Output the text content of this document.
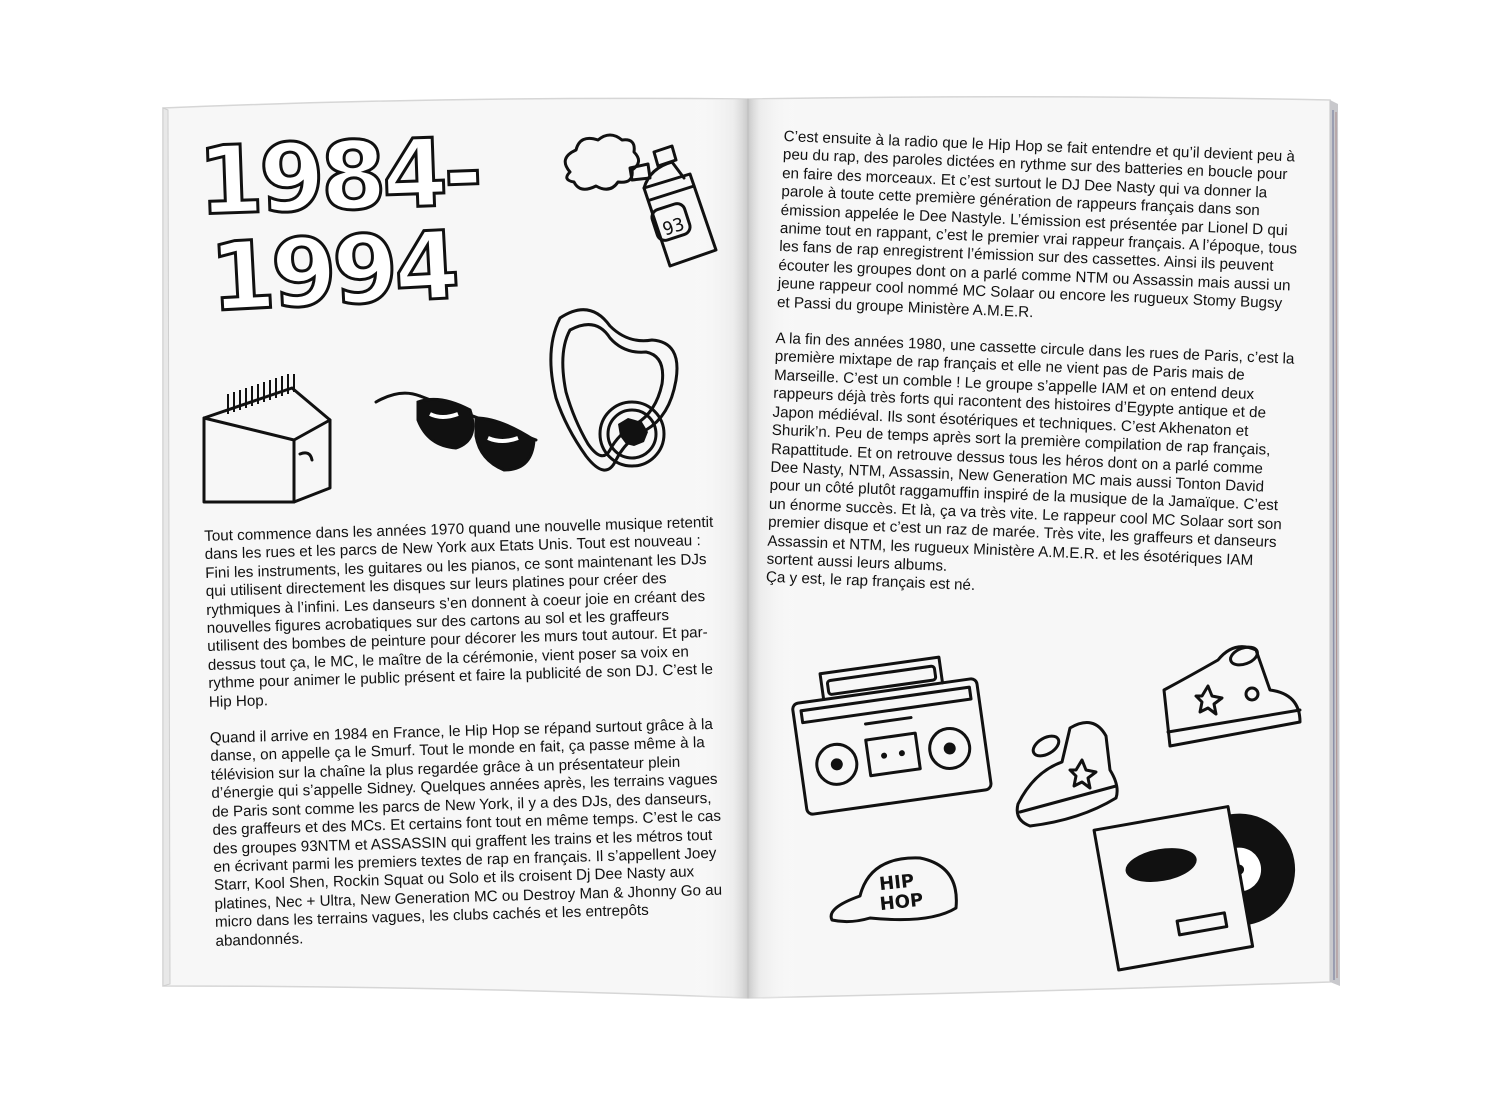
1984-
1994	93

Tout commence dans les années 1970 quand une nouvelle musique retentit dans les rues et les parcs de New York aux Etats Unis. Tout est nouveau : Fini les instruments, les guitares ou les pianos, ce sont maintenant les DJs qui utilisent directement les disques sur leurs platines pour créer des rythmiques à l’infini. Les danseurs s’en donnent à coeur joie en créant des nouvelles figures acrobatiques sur des cartons au sol et les graffeurs utilisent des bombes de peinture pour décorer les murs tout autour. Et par-dessus tout ça, le MC, le maître de la cérémonie, vient poser sa voix en rythme pour animer le public présent et faire la publicité de son DJ. C’est le Hip Hop.

Quand il arrive en 1984 en France, le Hip Hop se répand surtout grâce à la danse, on appelle ça le Smurf. Tout le monde en fait, ça passe même à la télévision sur la chaîne la plus regardée grâce à un présentateur plein d’énergie qui s’appelle Sidney. Quelques années après, les terrains vagues de Paris sont comme les parcs de New York, il y a des DJs, des danseurs, des graffeurs et des MCs. Et certains font tout en même temps. C’est le cas des groupes 93NTM et ASSASSIN qui graffent les trains et les métros tout en écrivant parmi les premiers textes de rap en français. Il s’appellent Joey Starr, Kool Shen, Rockin Squat ou Solo et ils croisent Dj Dee Nasty aux platines, Nec + Ultra, New Generation MC ou Destroy Man & Jhonny Go au micro dans les terrains vagues, les clubs cachés et les entrepôts abandonnés.

C’est ensuite à la radio que le Hip Hop se fait entendre et qu’il devient peu à peu du rap, des paroles dictées en rythme sur des batteries en boucle pour en faire des morceaux. Et c’est surtout le DJ Dee Nasty qui va donner la parole à toute cette première génération de rappeurs français dans son émission appelée le Dee Nastyle. L’émission est présentée par Lionel D qui anime tout en rappant, c’est le premier vrai rappeur français. A l’époque, tous les fans de rap enregistrent l’émission sur des cassettes. Ainsi ils peuvent écouter les groupes dont on a parlé comme NTM ou Assassin mais aussi un jeune rappeur cool nommé MC Solaar ou encore les rugueux Stomy Bugsy et Passi du groupe Ministère A.M.E.R.

A la fin des années 1980, une cassette circule dans les rues de Paris, c’est la première mixtape de rap français et elle ne vient pas de Paris mais de Marseille. C’est un comble ! Le groupe s’appelle IAM et on entend deux rappeurs déjà très forts qui racontent des histoires d’Egypte antique et de Japon médiéval. Ils sont ésotériques et techniques. C’est Akhenaton et Shurik’n. Peu de temps après sort la première compilation de rap français, Rapattitude. Et on retrouve dessus tous les héros dont on a parlé comme Dee Nasty, NTM, Assassin, New Generation MC mais aussi Tonton David pour un côté plutôt raggamuffin inspiré de la musique de la Jamaïque. C’est un énorme succès. Et là, ça va très vite. Le rappeur cool MC Solaar sort son premier disque et c’est un raz de marée. Très vite, les graffeurs et danseurs Assassin et NTM, les rugueux Ministère A.M.E.R. et les ésotériques IAM sortent aussi leurs albums.

Ça y est, le rap français est né.

HIP
HOP
